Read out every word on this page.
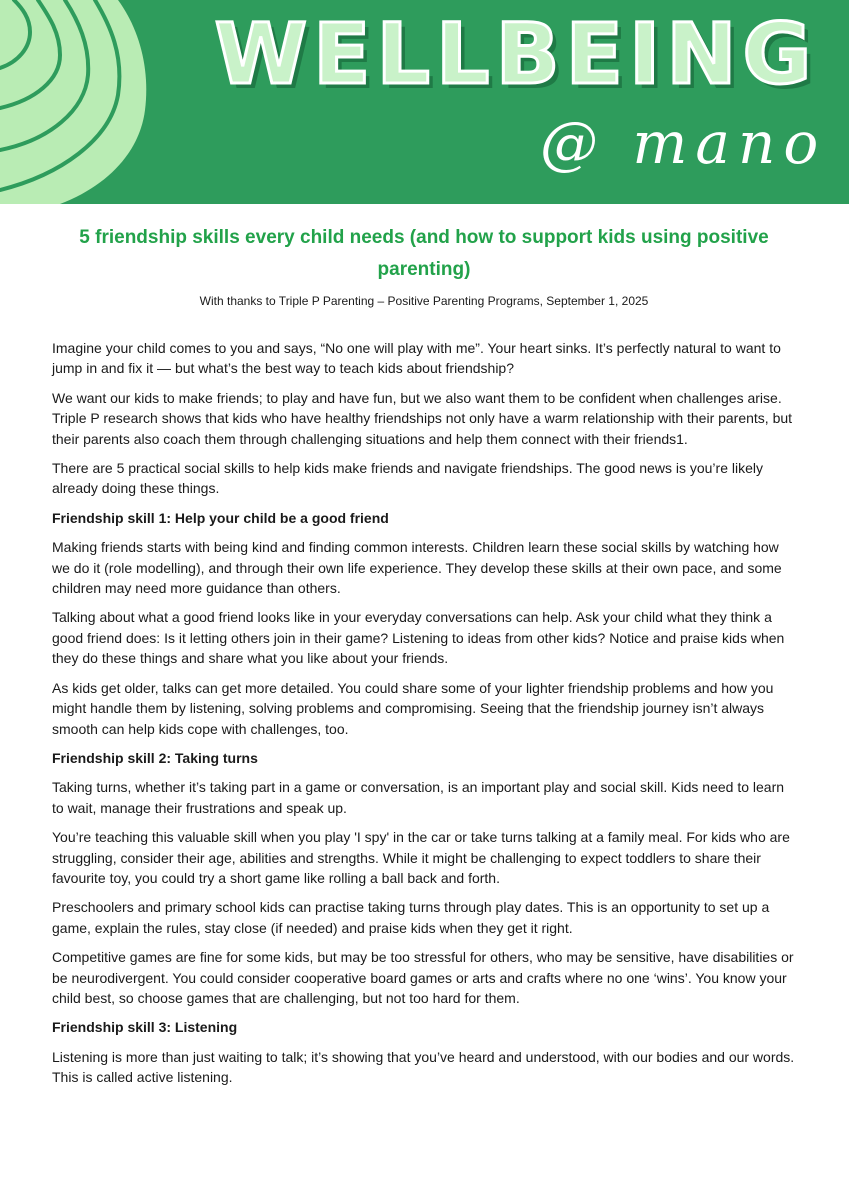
WELLBEING
@ mano
5 friendship skills every child needs (and how to support kids using positive parenting)

With thanks to Triple P Parenting – Positive Parenting Programs, September 1, 2025

Imagine your child comes to you and says, “No one will play with me”. Your heart sinks. It’s perfectly natural to want to jump in and fix it — but what’s the best way to teach kids about friendship?

We want our kids to make friends; to play and have fun, but we also want them to be confident when challenges arise. Triple P research shows that kids who have healthy friendships not only have a warm relationship with their parents, but their parents also coach them through challenging situations and help them connect with their friends1.

There are 5 practical social skills to help kids make friends and navigate friendships. The good news is you’re likely already doing these things.

Friendship skill 1: Help your child be a good friend

Making friends starts with being kind and finding common interests. Children learn these social skills by watching how we do it (role modelling), and through their own life experience. They develop these skills at their own pace, and some children may need more guidance than others.

Talking about what a good friend looks like in your everyday conversations can help. Ask your child what they think a good friend does: Is it letting others join in their game? Listening to ideas from other kids? Notice and praise kids when they do these things and share what you like about your friends.

As kids get older, talks can get more detailed. You could share some of your lighter friendship problems and how you might handle them by listening, solving problems and compromising. Seeing that the friendship journey isn’t always smooth can help kids cope with challenges, too.

Friendship skill 2: Taking turns

Taking turns, whether it’s taking part in a game or conversation, is an important play and social skill. Kids need to learn to wait, manage their frustrations and speak up.

You’re teaching this valuable skill when you play 'I spy' in the car or take turns talking at a family meal. For kids who are struggling, consider their age, abilities and strengths. While it might be challenging to expect toddlers to share their favourite toy, you could try a short game like rolling a ball back and forth.

Preschoolers and primary school kids can practise taking turns through play dates. This is an opportunity to set up a game, explain the rules, stay close (if needed) and praise kids when they get it right.

Competitive games are fine for some kids, but may be too stressful for others, who may be sensitive, have disabilities or be neurodivergent. You could consider cooperative board games or arts and crafts where no one ‘wins’. You know your child best, so choose games that are challenging, but not too hard for them.

Friendship skill 3: Listening

Listening is more than just waiting to talk; it’s showing that you’ve heard and understood, with our bodies and our words. This is called active listening.
